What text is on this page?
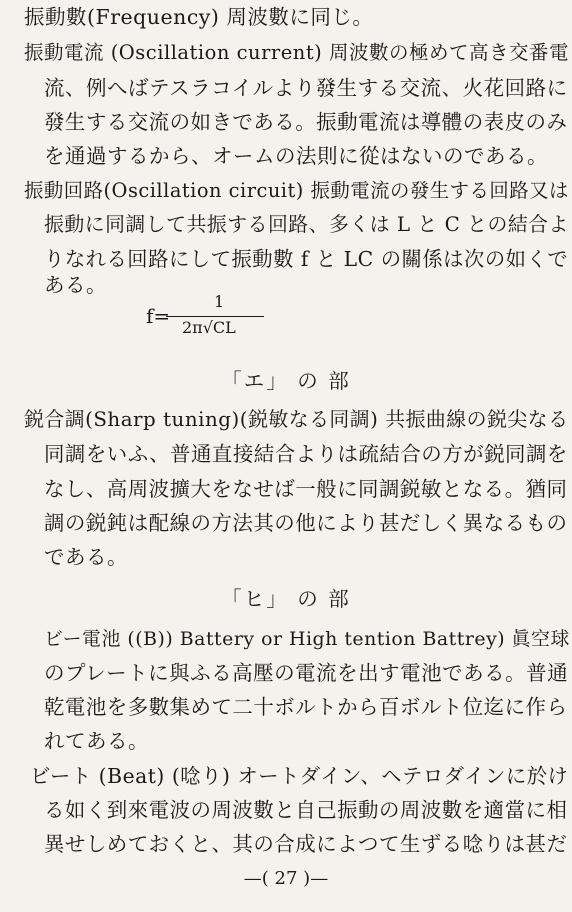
振動數(Frequency) 周波數に同じ。
振動電流 (Oscillation current) 周波數の極めて高き交番電
流、例へばテスラコイルより發生する交流、火花回路に
發生する交流の如きである。振動電流は導體の表皮のみ
を通過するから、オームの法則に從はないのである。
振動回路(Oscillation circuit) 振動電流の發生する回路又は
振動に同調して共振する回路、多くは L と C との結合よ
りなれる回路にして振動數 f と LC の關係は次の如くで
ある。
f=
1
2π√CL
「エ」 の 部
鋭合調(Sharp tuning)(鋭敏なる同調) 共振曲線の鋭尖なる
同調をいふ、普通直接結合よりは疏結合の方が鋭同調を
なし、高周波擴大をなせば一般に同調鋭敏となる。猶同
調の鋭鈍は配線の方法其の他により甚だしく異なるもの
である。
「ヒ」 の 部
ビー電池 ((B)) Battery or High tention Battrey) 眞空球
のプレートに與ふる高壓の電流を出す電池である。普通
乾電池を多數集めて二十ボルトから百ボルト位迄に作ら
れてある。
ビート (Beat) (唸り) オートダイン、ヘテロダインに於け
る如く到來電波の周波數と自己振動の周波數を適當に相
異せしめておくと、其の合成によつて生ずる唸りは甚だ
—( 27 )—
